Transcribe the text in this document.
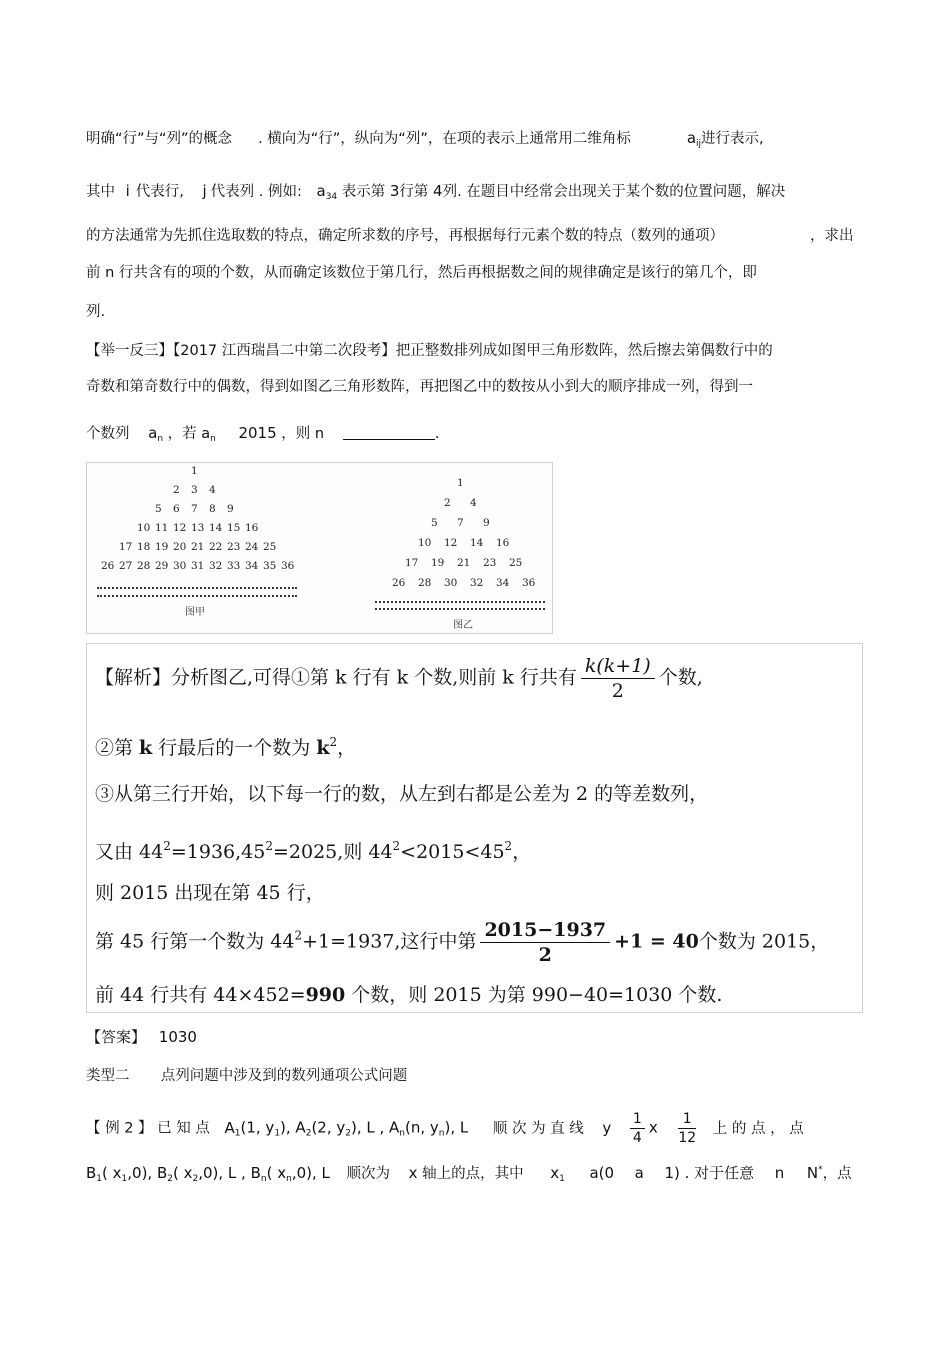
明确“行”与“列”的概念 . 横向为“行”，纵向为“列”，在项的表示上通常用二维角标	$a_{ij}$进行表示,
其中 i 代表行, j 代表列 . 例如: $a_{34}$ 表示第 3行第 4列. 在题目中经常会出现关于某个数的位置问题，解决
的方法通常为先抓住选取数的特点，确定所求数的序号，再根据每行元素个数的特点（数列的通项）	，求出
前 n 行共含有的项的个数，从而确定该数位于第几行，然后再根据数之间的规律确定是该行的第几个，即
列.
【举一反三】【2017 江西瑞昌二中第二次段考】把正整数排列成如图甲三角形数阵，然后擦去第偶数行中的
奇数和第奇数行中的偶数，得到如图乙三角形数阵，再把图乙中的数按从小到大的顺序排成一列，得到一
个数列 $a_n$ ，若 $a_n$ 2015 ，则 n	.
1
2 3 4
5 6 7 8 9
10 11 12 13 14 15 16
17 18 19 20 21 22 23 24 25
26 27 28 29 30 31 32 33 34 35 36
图甲
1
2 4
5 7 9
10 12 14 16
17 19 21 23 25
26 28 30 32 34 36
图乙
【解析】分析图乙,可得①第 k 行有 k 个数,则前 k 行共有 $\frac{k(k+1)}{2}$ 个数,
②第 k 行最后的一个数为 $k^2$，
③从第三行开始，以下每一行的数，从左到右都是公差为 2 的等差数列，
又由 $44^2=1936,45^2=2025$,则 $44^2<2015<45^2$，
则 2015 出现在第 45 行，
第 45 行第一个数为 $44^2+1=1937$,这行中第 $\frac{2015-1937}{2} +1 = 40$个数为 2015，
前 44 行共有 44×452=990 个数，则 2015 为第 990−40=1030 个数.
【答案】 1030
类型二 点列问题中涉及到的数列通项公式问题
【 例 2 】 已 知 点 $A_1(1$, $y_1$), $A_2(2$, $y_2$), L , $A_n(n$, $y_n$), L 顺 次 为 直 线 y $\frac{1}{4}$ x $\frac{1}{12}$ 上 的 点 ， 点
$B_1$( $x_1,0$), $B_2$( $x_2,0$), L , $B_n$( $x_n,0$), L 顺次为 x 轴上的点，其中 $x_1$ a(0 a 1) . 对于任意 n N*，点
